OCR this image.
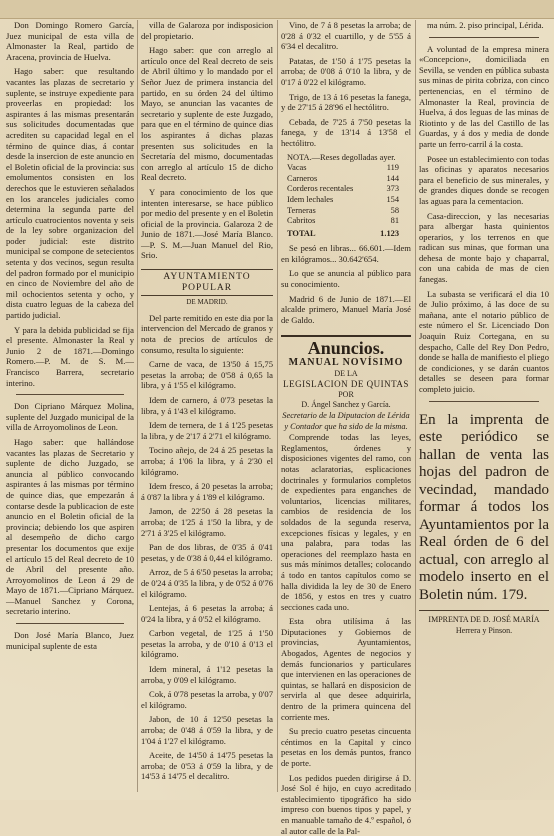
Don Domingo Romero García, Juez municipal de esta villa de Almonaster la Real, partido de Aracena, provincia de Huelva.

Hago saber: que resultando vacantes las plazas de secretario y suplente, se instruye expediente para proveerlas en propiedad: los aspirantes á las mismas presentarán sus solicitudes documentadas que acrediten su capacidad legal en el término de quince dias, á contar desde la insercion de este anuncio en el Boletin oficial de la provincia: sus emolumentos consisten en los derechos que le estuvieren señalados en los aranceles judiciales como determina la segunda parte del artículo cuatrocientos noventa y seis de la ley sobre organizacion del poder judicial: este distrito municipal se compone de setecientos setenta y dos vecinos, segun resulta del padron formado por el municipio en cinco de Noviembre del año de mil ochocientos setenta y ocho, y dista cuatro leguas de la cabeza del partido judicial.

Y para la debida publicidad se fija el presente. Almonaster la Real y Junio 2 de 1871.—Domingo Romero.—P. M. de S. M.—Francisco Barrera, secretario interino.

Don Cipriano Márquez Molina, suplente del Juzgado municipal de la villa de Arroyomolinos de Leon.

Hago saber: que hallándose vacantes las plazas de Secretario y suplente de dicho Juzgado, se anuncia al público convocando aspirantes á las mismas por término de quince dias, que empezarán á contarse desde la publicacion de este anuncio en el Boletin oficial de la provincia; debiendo los que aspiren al desempeño de dicho cargo presentar los documentos que exije el artículo 15 del Real decreto de 10 de Abril del presente año. Arroyomolinos de Leon á 29 de Mayo de 1871.—Cipriano Márquez.—Manuel Sanchez y Corona, secretario interino.

Don José María Blanco, Juez municipal suplente de esta

villa de Galaroza por indisposicion del propietario.

Hago saber: que con arreglo al artículo once del Real decreto de seis de Abril último y lo mandado por el Señor Juez de primera instancia del partido, en su órden 24 del último Mayo, se anuncian las vacantes de secretario y suplente de este Juzgado, para que en el término de quince dias los aspirantes á dichas plazas presenten sus solicitudes en la Secretaría del mismo, documentadas con arreglo al artículo 15 de dicho Real decreto.

Y para conocimiento de los que intenten interesarse, se hace público por medio del presente y en el Boletin oficial de la provincia. Galaroza 2 de Junio de 1871.—José María Blanco.—P. S. M.—Juan Manuel del Rio, Srio.

AYUNTAMIENTO POPULAR
DE MADRID.

Del parte remitido en este dia por la intervencion del Mercado de granos y nota de precios de artículos de consumo, resulta lo siguiente:

Carne de vaca, de 13'50 á 15,75 pesetas la arroba; de 0'58 á 0,65 la libra, y á 1'55 el kilógramo.

Idem de carnero, á 0'73 pesetas la libra, y á 1'43 el kilógramo.

Idem de ternera, de 1 á 1'25 pesetas la libra, y de 2'17 á 2'71 el kilógramo.

Tocino añejo, de 24 á 25 pesetas la arroba; á 1'06 la libra, y á 2'30 el kilógramo.

Idem fresco, á 20 pesetas la arroba; á 0'87 la libra y á 1'89 el kilógramo.

Jamon, de 22'50 á 28 pesetas la arroba; de 1'25 á 1'50 la libra, y de 2'71 á 3'25 el kilógramo.

Pan de dos libras, de 0'35 á 0'41 pesetas, y de 0'38 á 0,44 el kilógramo.

Arroz, de 5 á 6'50 pesetas la arroba; de 0'24 á 0'35 la libra, y de 0'52 á 0'76 el kilógramo.

Lentejas, á 6 pesetas la arroba; á 0'24 la libra, y á 0'52 el kilógramo.

Carbon vegetal, de 1'25 á 1'50 pesetas la arroba, y de 0'10 á 0'13 el kilógramo.

Idem mineral, á 1'12 pesetas la arroba, y 0'09 el kilógramo.

Cok, á 0'78 pesetas la arroba, y 0'07 el kilógramo.

Jabon, de 10 á 12'50 pesetas la arroba; de 0'48 á 0'59 la libra, y de 1'04 á 1'27 el kilógramo.

Aceite, de 14'50 á 14'75 pesetas la arroba; de 0'53 á 0'59 la libra, y de 14'53 á 14'75 el decalitro.

Vino, de 7 á 8 pesetas la arroba; de 0'28 á 0'32 el cuartillo, y de 5'55 á 6'34 el decalitro.

Patatas, de 1'50 á 1'75 pesetas la arroba; de 0'08 á 0'10 la libra, y de 0'17 á 0'22 el kilógramo.

Trigo, de 13 á 16 pesetas la fanega, y de 27'15 á 28'96 el hectólitro.

Cebada, de 7'25 á 7'50 pesetas la fanega, y de 13'14 á 13'58 el hectólitro.

NOTA.—Reses degolladas ayer.
Vacas	119
Carneros	144
Corderos recentales	373
Idem lechales	154
Terneras	58
Cabritos	81
TOTAL	1.123

Se pesó en libras... 66.601.—Idem en kilógramos... 30.642'654.

Lo que se anuncia al público para su conocimiento.

Madrid 6 de Junio de 1871.—El alcalde primero, Manuel María José de Galdo.

Anuncios.
MANUAL NOVÍSIMO
DE LA
LEGISLACION DE QUINTAS
POR
D. Ángel Sanchez y García.
Secretario de la Diputacion de Lérida y Contador que ha sido de la misma.

Comprende todas las leyes, Reglamentos, órdenes y disposiciones vigentes del ramo, con notas aclaratorias, esplicaciones doctrinales y formularios completos de expedientes para enganches de voluntarios, licencias militares, cambios de residencia de los soldados de la segunda reserva, excepciones físicas y legales, y en una palabra, para todas las operaciones del reemplazo hasta en sus más mínimos detalles; colocando á todo en tantos capítulos como se halla dividida la ley de 30 de Enero de 1856, y estos en tres y cuatro secciones cada uno.

Esta obra utilísima á las Diputaciones y Gobiernos de provincias, Ayuntamientos, Abogados, Agentes de negocios y demás funcionarios y particulares que intervienen en las operaciones de quintas, se hallará en disposicion de servirla al que desee adquirirla, dentro de la primera quincena del corriente mes.

Su precio cuatro pesetas cincuenta céntimos en la Capital y cinco pesetas en los demás puntos, franco de porte.

Los pedidos pueden dirigirse á D. José Sol é hijo, en cuyo acreditado establecimiento tipográfico ha sido impreso con buenos tipos y papel, y en manuable tamaño de 4.º español, ó al autor calle de la Pal-

ma núm. 2. piso principal, Lérida.

A voluntad de la empresa minera «Concepcion», domiciliada en Sevilla, se venden en pública subasta sus minas de pirita cobriza, con cinco pertenencias, en el término de Almonaster la Real, provincia de Huelva, á dos leguas de las minas de Riotinto y de las del Castillo de las Guardas, y á dos y media de donde parte un ferro-carril á la costa.

Posee un establecimiento con todas las oficinas y aparatos necesarios para el beneficio de sus minerales, y de grandes diques donde se recogen las aguas para la cementacion.

Casa-direccion, y las necesarias para albergar hasta quinientos operarios, y los terrenos en que radican sus minas, que forman una dehesa de monte bajo y chaparral, con una cabida de mas de cien fanegas.

La subasta se verificará el dia 10 de Julio próximo, á las doce de su mañana, ante el notario público de este número el Sr. Licenciado Don Joaquin Ruiz Cortegana, en su despacho, Calle del Rey Don Pedro, donde se halla de manifiesto el pliego de condiciones, y se darán cuantos detalles se deseen para formar completo juicio.

En la imprenta de este periódico se hallan de venta las hojas del padron de vecindad, mandado formar á todos los Ayuntamientos por la Real órden de 6 del actual, con arreglo al modelo inserto en el Boletin núm. 179.

IMPRENTA DE D. JOSÉ MARÍA
Herrera y Pinson.
